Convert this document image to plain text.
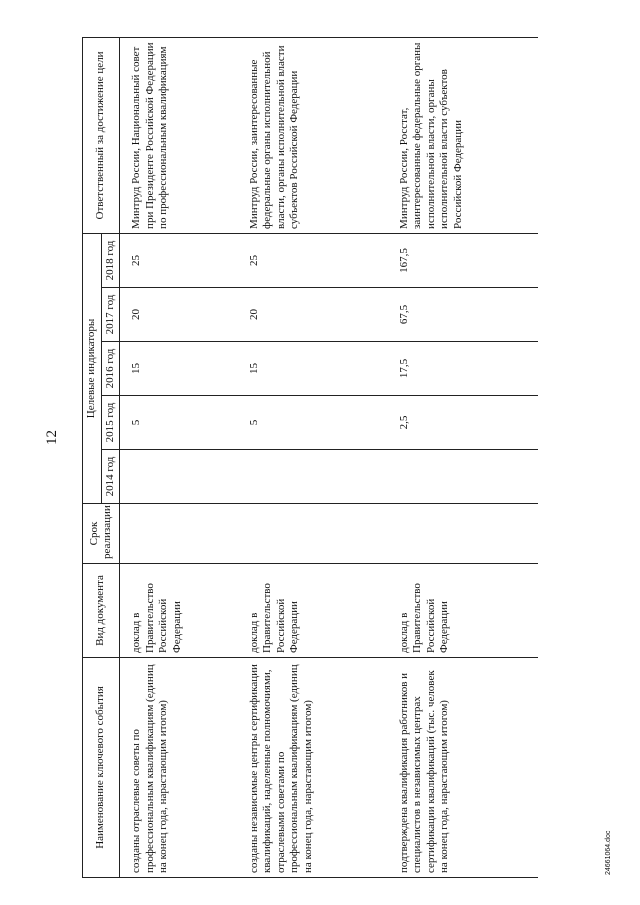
12
Наименование ключевого события	Вид документа	Срок реализации	Целевые индикаторы					Ответственный за достижение цели
			2014 год	2015 год	2016 год	2017 год	2018 год	
созданы отраслевые советы по профессиональным квалификациям (единиц на конец года, нарастающим итогом)	доклад в Правительство Российской Федерации			5	15	20	25	Минтруд России, Национальный совет при Президенте Российской Федерации по профессиональным квалификациям
созданы независимые центры сертификации квалификаций, наделенные полномочиями, отраслевыми советами по профессиональным квалификациям (единиц на конец года, нарастающим итогом)	доклад в Правительство Российской Федерации			5	15	20	25	Минтруд России, заинтересованные федеральные органы исполнительной власти, органы исполнительной власти субъектов Российской Федерации
подтверждена квалификация работников и специалистов в независимых центрах сертификации квалификаций (тыс. человек на конец года, нарастающим итогом)	доклад в Правительство Российской Федерации			2,5	17,5	67,5	167,5	Минтруд России, Росстат, заинтересованные федеральные органы исполнительной власти, органы исполнительной власти субъектов Российской Федерации
24661064.doc
